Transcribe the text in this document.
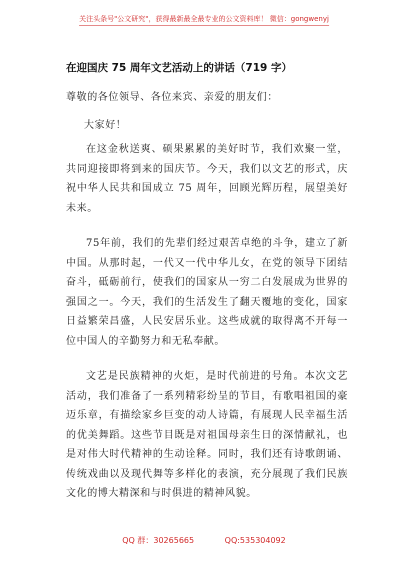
关注头条号"公文研究"，获得最新最全最专业的公文资料库！ 微信：gongwenyj
在迎国庆 75 周年文艺活动上的讲话（719 字）
尊敬的各位领导、各位来宾、亲爱的朋友们：
大家好！

在这金秋送爽、硕果累累的美好时节，我们欢聚一堂，共同迎接即将到来的国庆节。今天，我们以文艺的形式，庆祝中华人民共和国成立 75 周年，回顾光辉历程，展望美好未来。

75年前，我们的先辈们经过艰苦卓绝的斗争，建立了新中国。从那时起，一代又一代中华儿女，在党的领导下团结奋斗，砥砺前行，使我们的国家从一穷二白发展成为世界的强国之一。今天，我们的生活发生了翻天覆地的变化，国家日益繁荣昌盛，人民安居乐业。这些成就的取得离不开每一位中国人的辛勤努力和无私奉献。

文艺是民族精神的火炬，是时代前进的号角。本次文艺活动，我们准备了一系列精彩纷呈的节目，有歌唱祖国的豪迈乐章，有描绘家乡巨变的动人诗篇，有展现人民幸福生活的优美舞蹈。这些节目既是对祖国母亲生日的深情献礼，也是对伟大时代精神的生动诠释。同时，我们还有诗歌朗诵、传统戏曲以及现代舞等多样化的表演，充分展现了我们民族文化的博大精深和与时俱进的精神风貌。

QQ 群：30265665	QQ:535304092
